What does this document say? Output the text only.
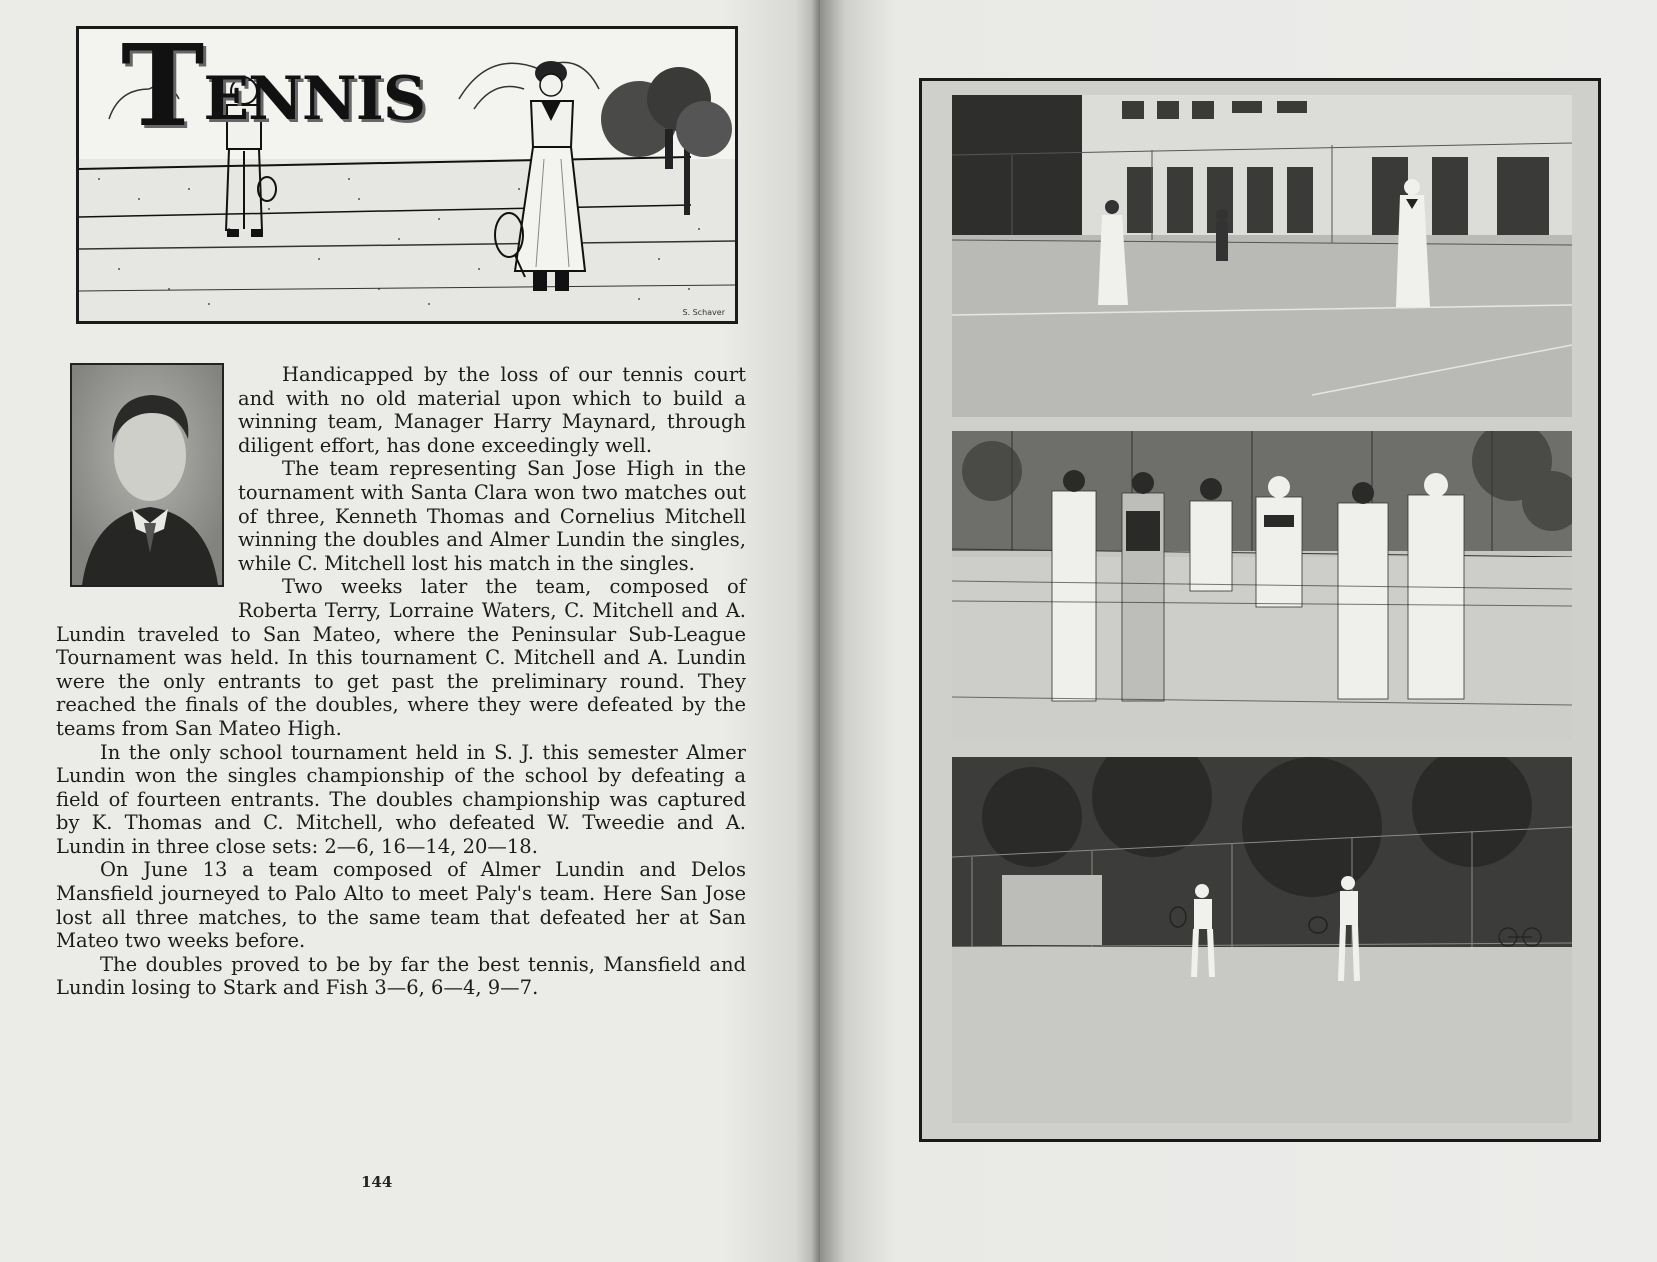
TENNIS
S. Schaver

Handicapped by the loss of our tennis court and with no old material upon which to build a winning team, Manager Harry Maynard, through diligent effort, has done exceedingly well.

The team representing San Jose High in the tournament with Santa Clara won two matches out of three, Kenneth Thomas and Cornelius Mitchell winning the doubles and Almer Lundin the singles, while C. Mitchell lost his match in the singles.

Two weeks later the team, composed of Roberta Terry, Lorraine Waters, C. Mitchell and A. Lundin traveled to San Mateo, where the Peninsular Sub-League Tournament was held. In this tournament C. Mitchell and A. Lundin were the only entrants to get past the preliminary round. They reached the finals of the doubles, where they were defeated by the teams from San Mateo High.

In the only school tournament held in S. J. this semester Almer Lundin won the singles championship of the school by defeating a field of fourteen entrants. The doubles championship was captured by K. Thomas and C. Mitchell, who defeated W. Tweedie and A. Lundin in three close sets: 2—6, 16—14, 20—18.

On June 13 a team composed of Almer Lundin and Delos Mansfield journeyed to Palo Alto to meet Paly's team. Here San Jose lost all three matches, to the same team that defeated her at San Mateo two weeks before.

The doubles proved to be by far the best tennis, Mansfield and Lundin losing to Stark and Fish 3—6, 6—4, 9—7.

144
